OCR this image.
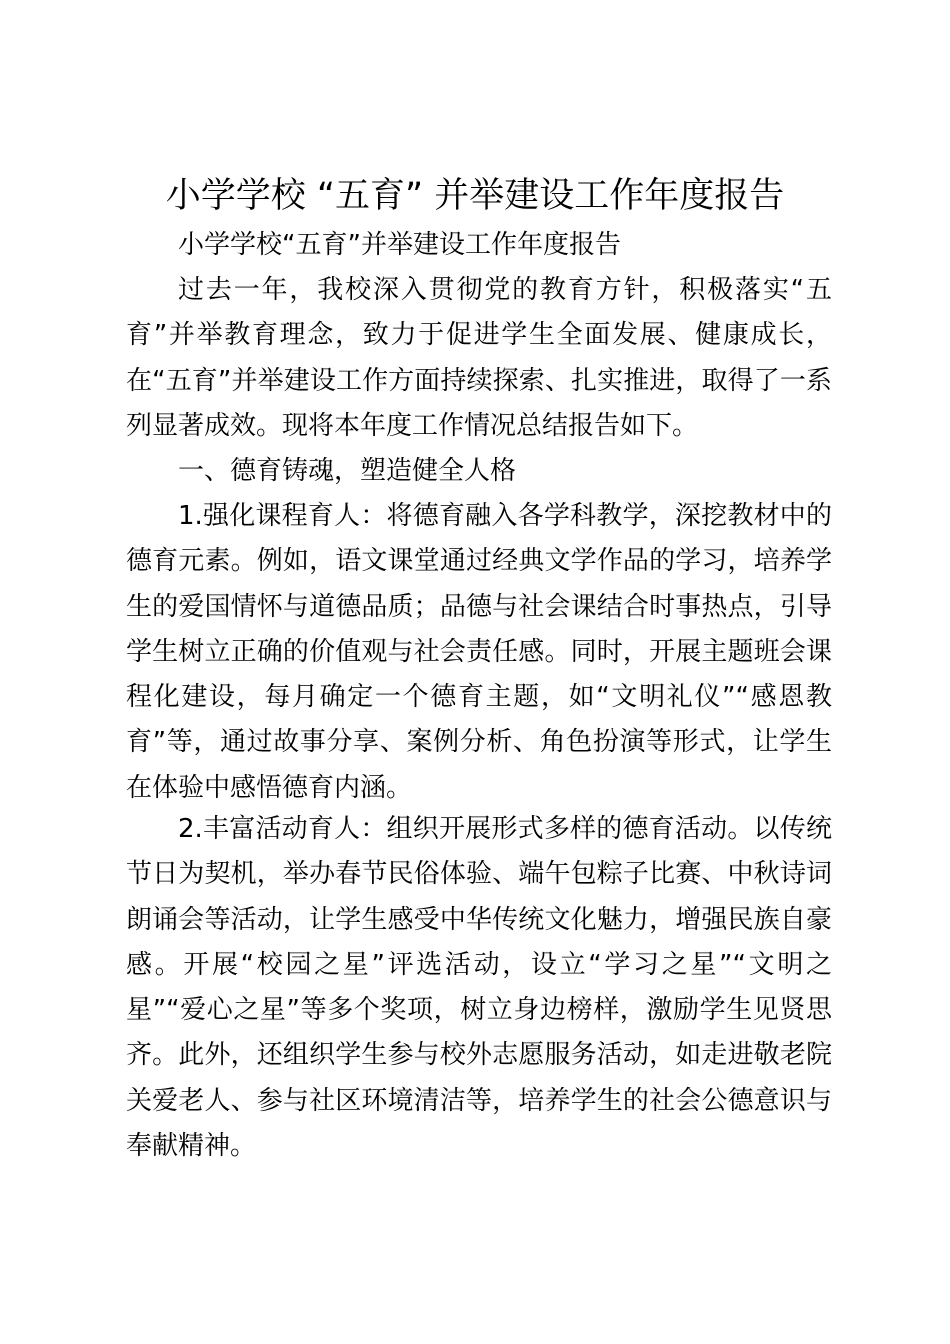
小学学校 “五育” 并举建设工作年度报告

小学学校“五育”并举建设工作年度报告

过去一年，我校深入贯彻党的教育方针，积极落实“五育”并举教育理念，致力于促进学生全面发展、健康成长，在“五育”并举建设工作方面持续探索、扎实推进，取得了一系列显著成效。现将本年度工作情况总结报告如下。

一、德育铸魂，塑造健全人格

1.强化课程育人：将德育融入各学科教学，深挖教材中的德育元素。例如，语文课堂通过经典文学作品的学习，培养学生的爱国情怀与道德品质；品德与社会课结合时事热点，引导学生树立正确的价值观与社会责任感。同时，开展主题班会课程化建设，每月确定一个德育主题，如“文明礼仪”“感恩教育”等，通过故事分享、案例分析、角色扮演等形式，让学生在体验中感悟德育内涵。

2.丰富活动育人：组织开展形式多样的德育活动。以传统节日为契机，举办春节民俗体验、端午包粽子比赛、中秋诗词朗诵会等活动，让学生感受中华传统文化魅力，增强民族自豪感。开展“校园之星”评选活动，设立“学习之星”“文明之星”“爱心之星”等多个奖项，树立身边榜样，激励学生见贤思齐。此外，还组织学生参与校外志愿服务活动，如走进敬老院关爱老人、参与社区环境清洁等，培养学生的社会公德意识与奉献精神。
